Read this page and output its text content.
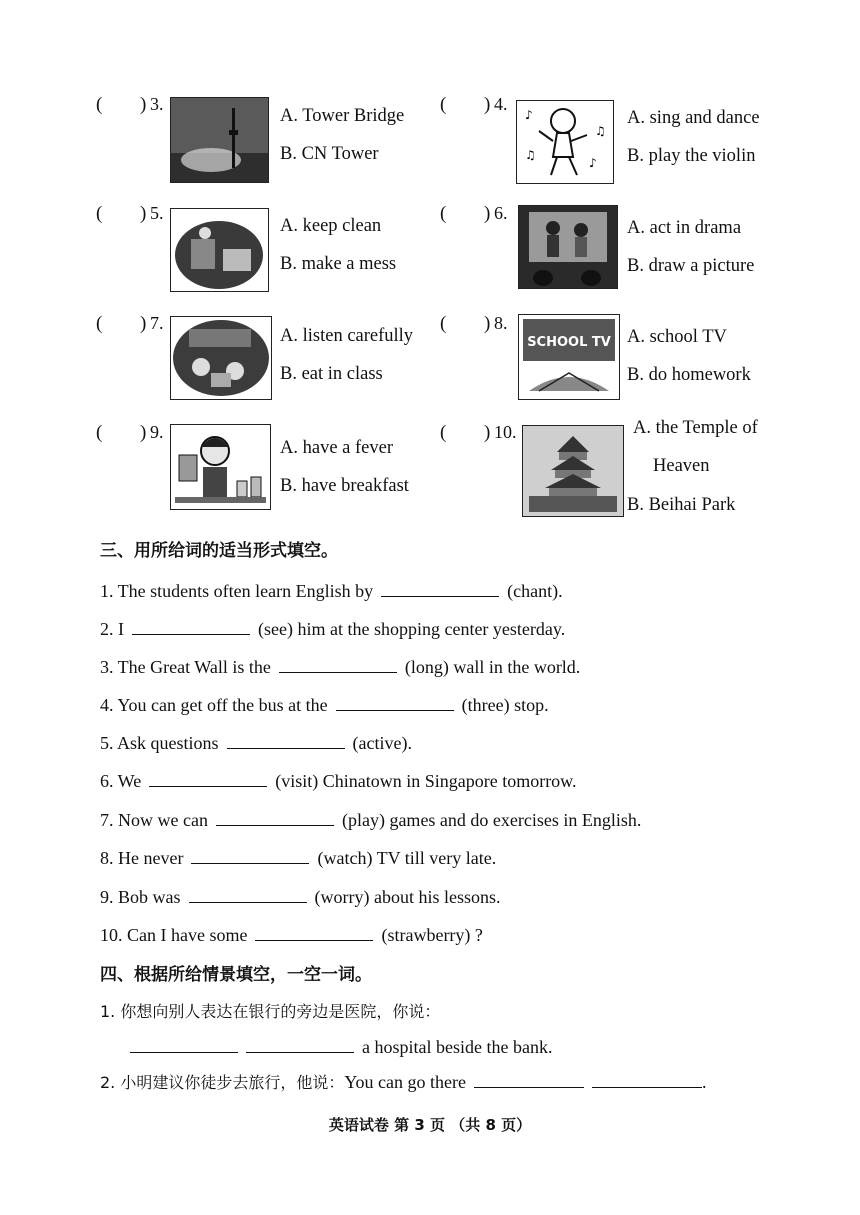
( ) 3.
A. Tower Bridge
B. CN Tower
( ) 4.
♪
♫
♫
♪
A. sing and dance
B. play the violin
( ) 5.
A. keep clean
B. make a mess
( ) 6.
A. act in drama
B. draw a picture
( ) 7.
A. listen carefully
B. eat in class
( ) 8.
SCHOOL TV A. school TV
B. do homework
( ) 9.
A. have a fever
B. have breakfast
( ) 10.	A. the Temple of
Heaven
B. Beihai Park
三、用所给词的适当形式填空。
1. The students often learn English by	(chant).
2. I	(see) him at the shopping center yesterday.
3. The Great Wall is the	(long) wall in the world.
4. You can get off the bus at the	(three) stop.
5. Ask questions	(active).
6. We	(visit) Chinatown in Singapore tomorrow.
7. Now we can	(play) games and do exercises in English.
8. He never	(watch) TV till very late.
9. Bob was	(worry) about his lessons.
10. Can I have some	(strawberry) ?
四、根据所给情景填空，一空一词。
1. 你想向别人表达在银行的旁边是医院，你说：
a hospital beside the bank.
2. 小明建议你徒步去旅行，他说：You can go there	.
英语试卷 第 3 页 （共 8 页）
